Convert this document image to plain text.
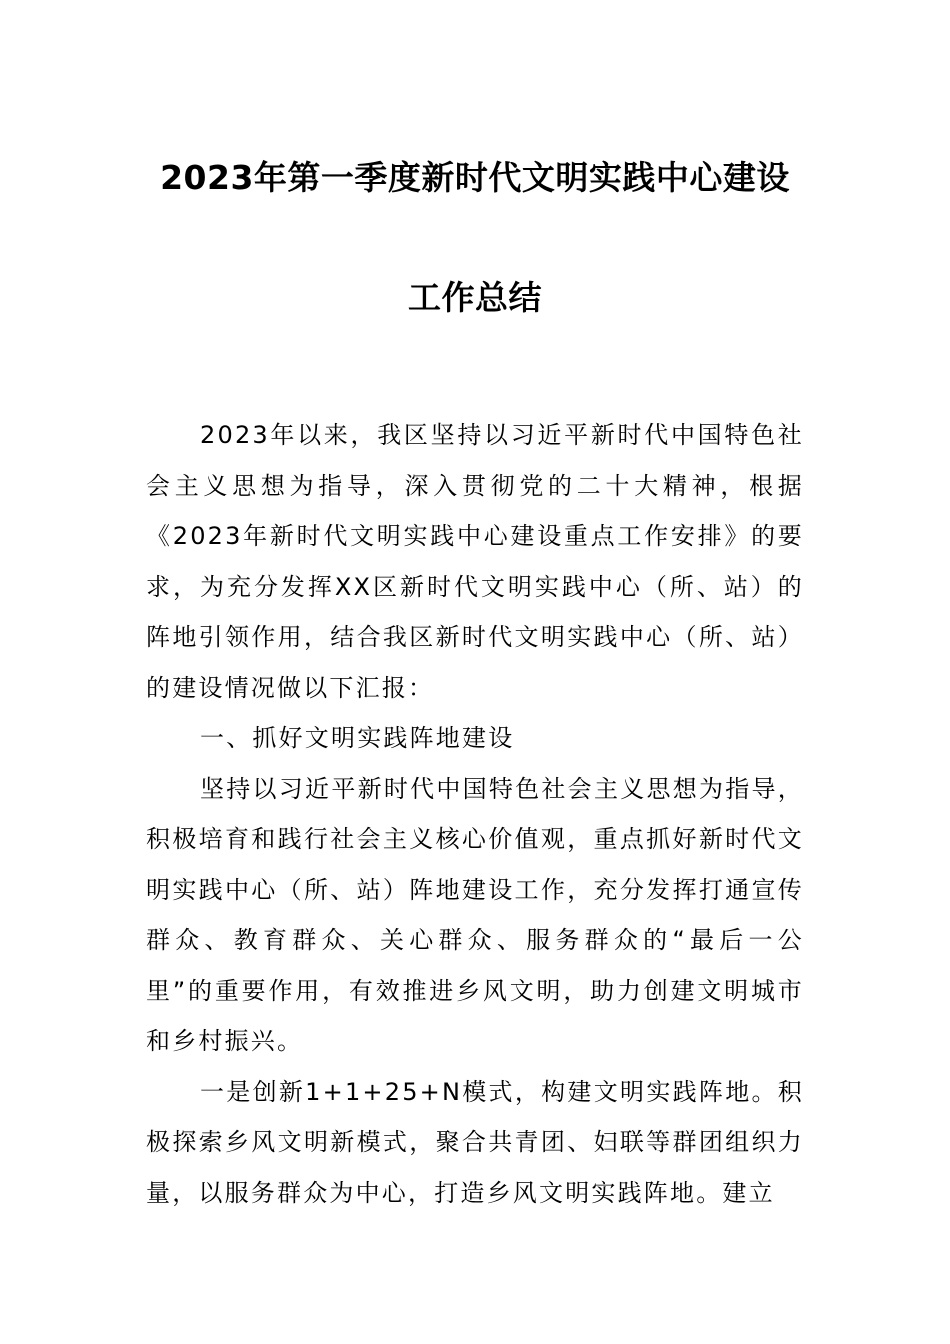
2023年第一季度新时代文明实践中心建设
工作总结

2023年以来，我区坚持以习近平新时代中国特色社会主义思想为指导，深入贯彻党的二十大精神，根据《2023年新时代文明实践中心建设重点工作安排》的要求，为充分发挥XX区新时代文明实践中心（所、站）的阵地引领作用，结合我区新时代文明实践中心（所、站）的建设情况做以下汇报：

一、抓好文明实践阵地建设

坚持以习近平新时代中国特色社会主义思想为指导，积极培育和践行社会主义核心价值观，重点抓好新时代文明实践中心（所、站）阵地建设工作，充分发挥打通宣传群众、教育群众、关心群众、服务群众的“最后一公里”的重要作用，有效推进乡风文明，助力创建文明城市和乡村振兴。

一是创新1+1+25+N模式，构建文明实践阵地。积极探索乡风文明新模式，聚合共青团、妇联等群团组织力量，以服务群众为中心，打造乡风文明实践阵地。建立
